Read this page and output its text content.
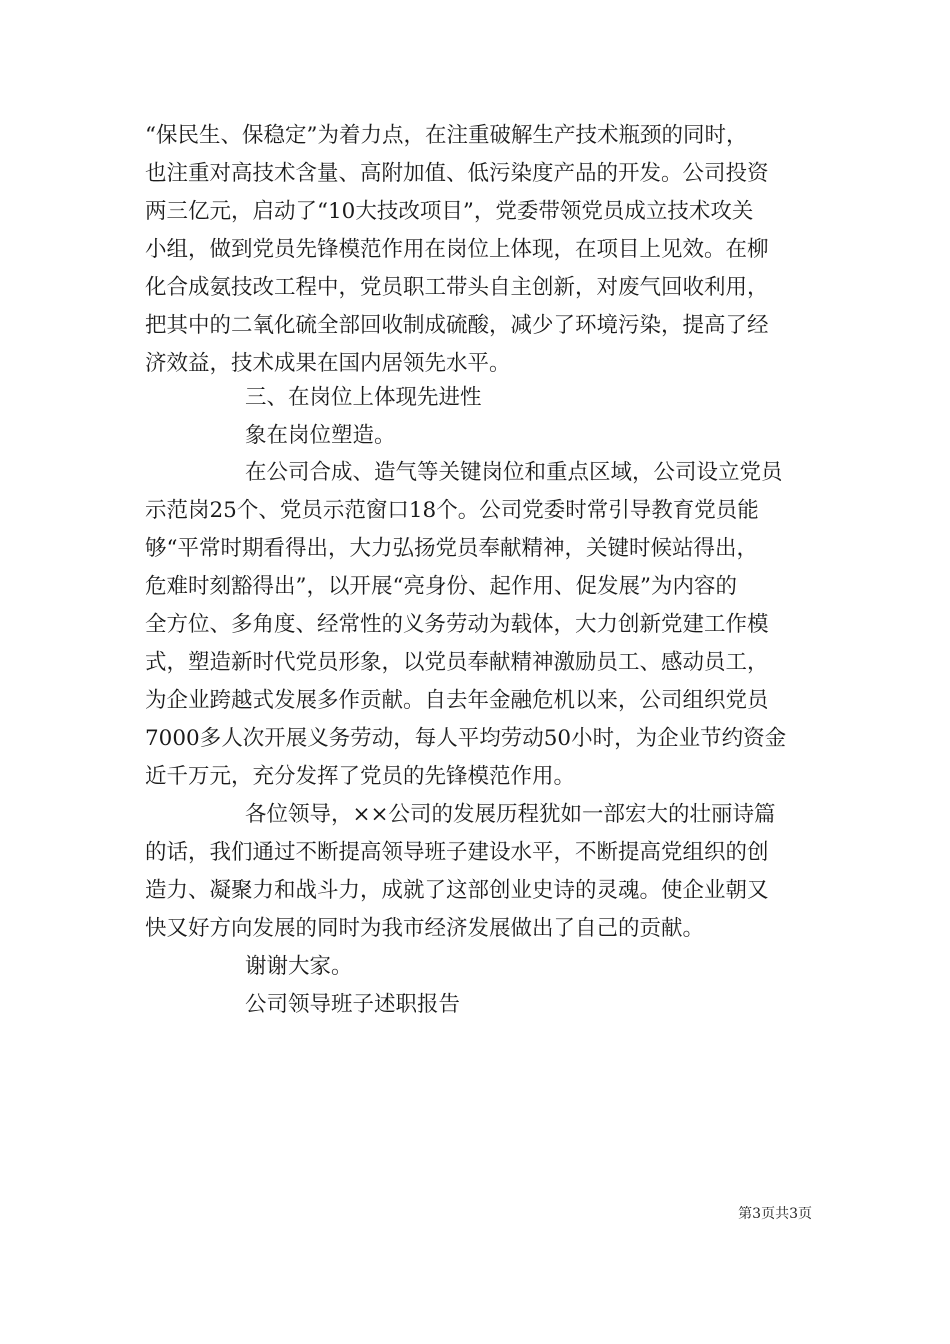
“保民生、保稳定”为着力点，在注重破解生产技术瓶颈的同时，
也注重对高技术含量、高附加值、低污染度产品的开发。公司投资
两三亿元，启动了“10大技改项目”，党委带领党员成立技术攻关
小组，做到党员先锋模范作用在岗位上体现，在项目上见效。在柳
化合成氨技改工程中，党员职工带头自主创新，对废气回收利用，
把其中的二氧化硫全部回收制成硫酸，减少了环境污染，提高了经
济效益，技术成果在国内居领先水平。
三、在岗位上体现先进性
象在岗位塑造。
在公司合成、造气等关键岗位和重点区域，公司设立党员
示范岗25个、党员示范窗口18个。公司党委时常引导教育党员能
够“平常时期看得出，大力弘扬党员奉献精神，关键时候站得出，
危难时刻豁得出”，以开展“亮身份、起作用、促发展”为内容的
全方位、多角度、经常性的义务劳动为载体，大力创新党建工作模
式，塑造新时代党员形象，以党员奉献精神激励员工、感动员工，
为企业跨越式发展多作贡献。自去年金融危机以来，公司组织党员
7000多人次开展义务劳动，每人平均劳动50小时，为企业节约资金
近千万元，充分发挥了党员的先锋模范作用。
各位领导，××公司的发展历程犹如一部宏大的壮丽诗篇
的话，我们通过不断提高领导班子建设水平，不断提高党组织的创
造力、凝聚力和战斗力，成就了这部创业史诗的灵魂。使企业朝又
快又好方向发展的同时为我市经济发展做出了自己的贡献。
谢谢大家。
公司领导班子述职报告
第3页共3页
